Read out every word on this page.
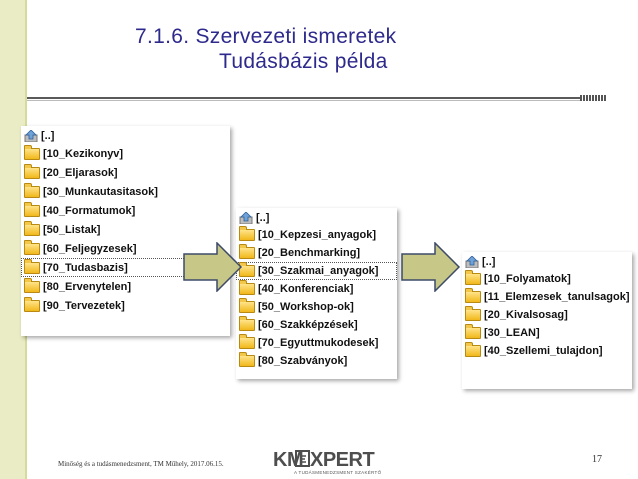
7.1.6. Szervezeti ismeretek
Tudásbázis példa
[..]
[10_Kezikonyv]
[20_Eljarasok]
[30_Munkautasitasok]
[40_Formatumok]
[50_Listak]
[60_Feljegyzesek]
[70_Tudasbazis]
[80_Ervenytelen]
[90_Tervezetek]
[..]
[10_Kepzesi_anyagok]
[20_Benchmarking]
[30_Szakmai_anyagok]
[40_Konferenciak]
[50_Workshop-ok]
[60_Szakképzések]
[70_Egyuttmukodesek]
[80_Szabványok]
[..]
[10_Folyamatok]
[11_Elemzesek_tanulsagok]
[20_Kivalsosag]
[30_LEAN]
[40_Szellemi_tulajdon]
Minőség és a tudásmenedzsment, TM Műhely, 2017.06.15. KM XPERT
A TUDÁSMENEDZSMENT SZAKÉRTŐ
17
